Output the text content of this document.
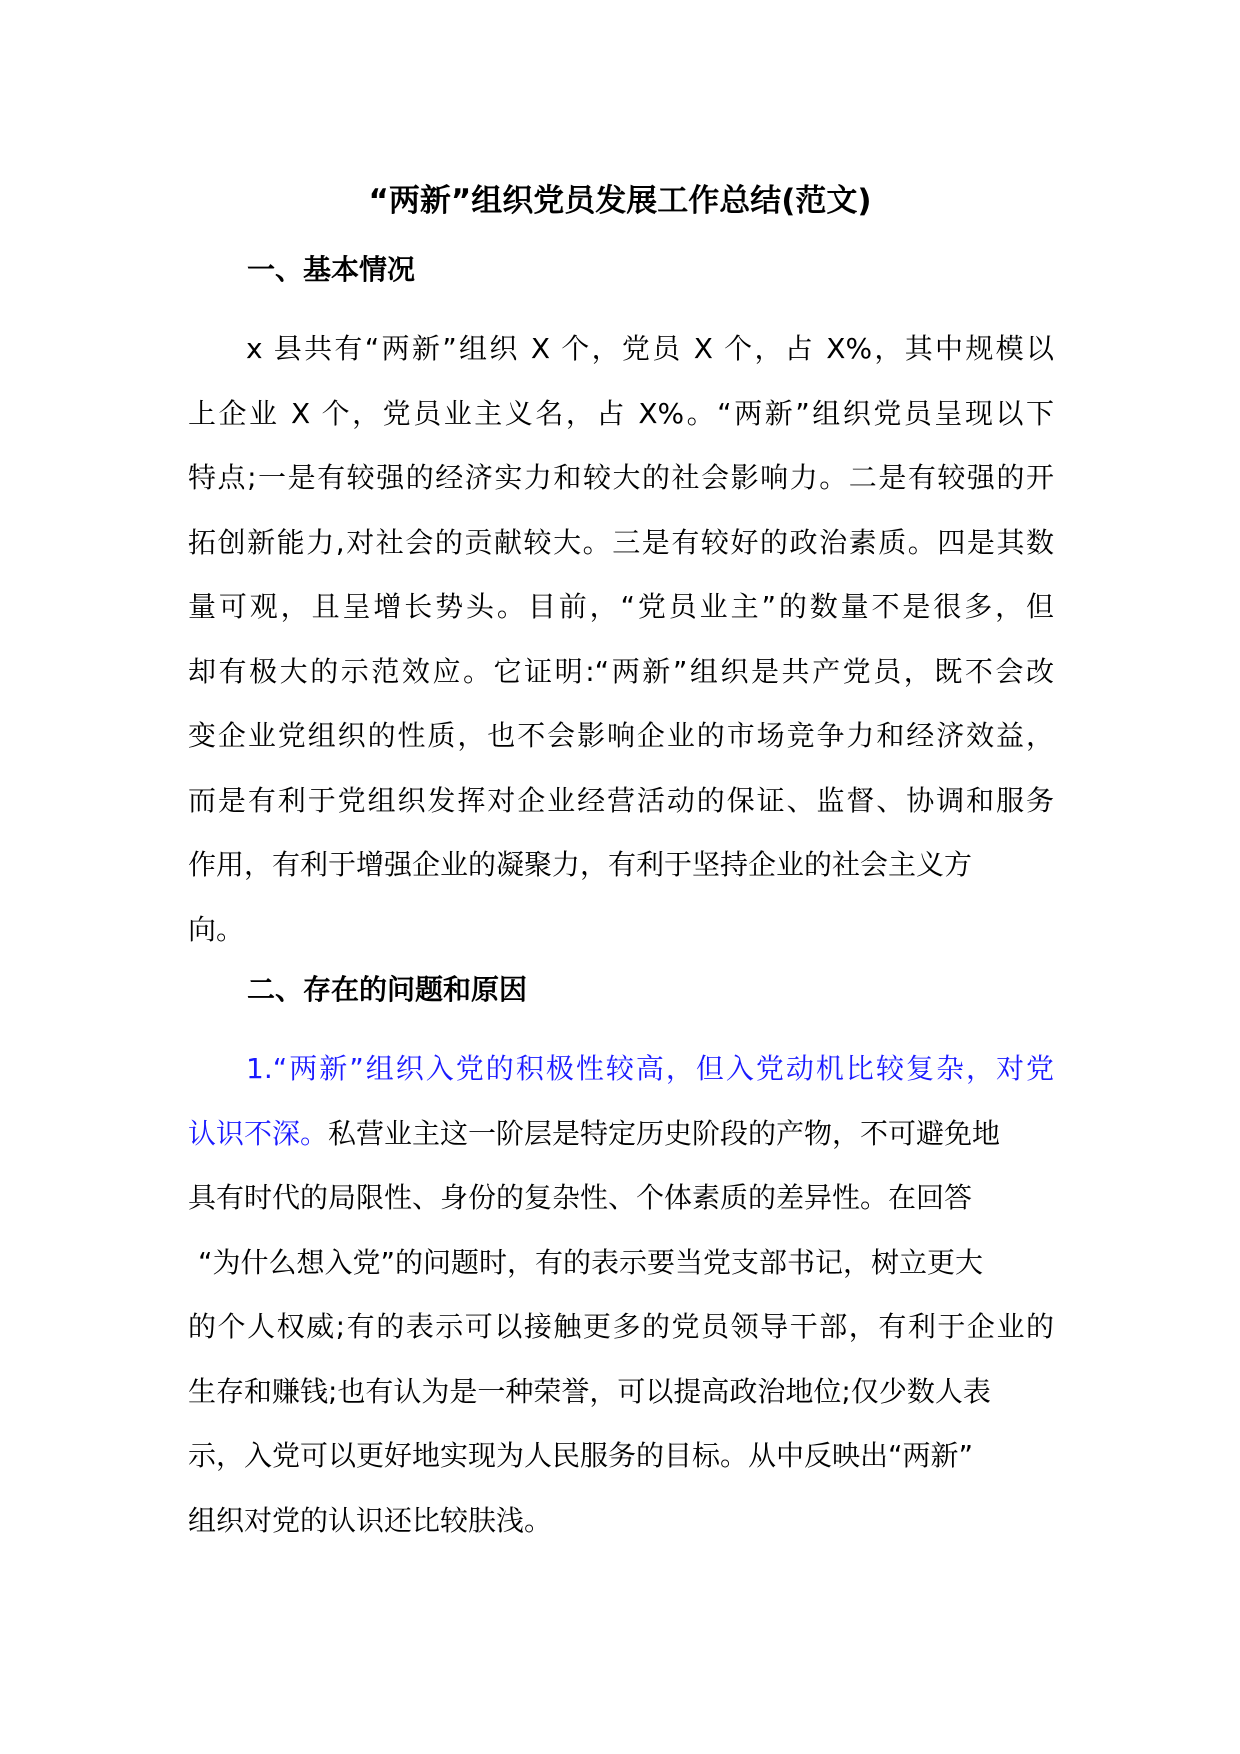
“两新”组织党员发展工作总结(范文)
一、基本情况
x 县共有“两新”组织 X 个，党员 X 个，占 X%，其中规模以
上企业 X 个，党员业主义名，占 X%。“两新”组织党员呈现以下
特点;一是有较强的经济实力和较大的社会影响力。二是有较强的开
拓创新能力,对社会的贡献较大。三是有较好的政治素质。四是其数
量可观，且呈增长势头。目前，“党员业主”的数量不是很多，但
却有极大的示范效应。它证明:“两新”组织是共产党员，既不会改
变企业党组织的性质，也不会影响企业的市场竞争力和经济效益，
而是有利于党组织发挥对企业经营活动的保证、监督、协调和服务
作用，有利于增强企业的凝聚力，有利于坚持企业的社会主义方
向。
二、存在的问题和原因
1.“两新”组织入党的积极性较高，但入党动机比较复杂，对党
认识不深。私营业主这一阶层是特定历史阶段的产物，不可避免地
具有时代的局限性、身份的复杂性、个体素质的差异性。在回答
“为什么想入党”的问题时，有的表示要当党支部书记，树立更大
的个人权威;有的表示可以接触更多的党员领导干部，有利于企业的
生存和赚钱;也有认为是一种荣誉，可以提高政治地位;仅少数人表
示，入党可以更好地实现为人民服务的目标。从中反映出“两新”
组织对党的认识还比较肤浅。
